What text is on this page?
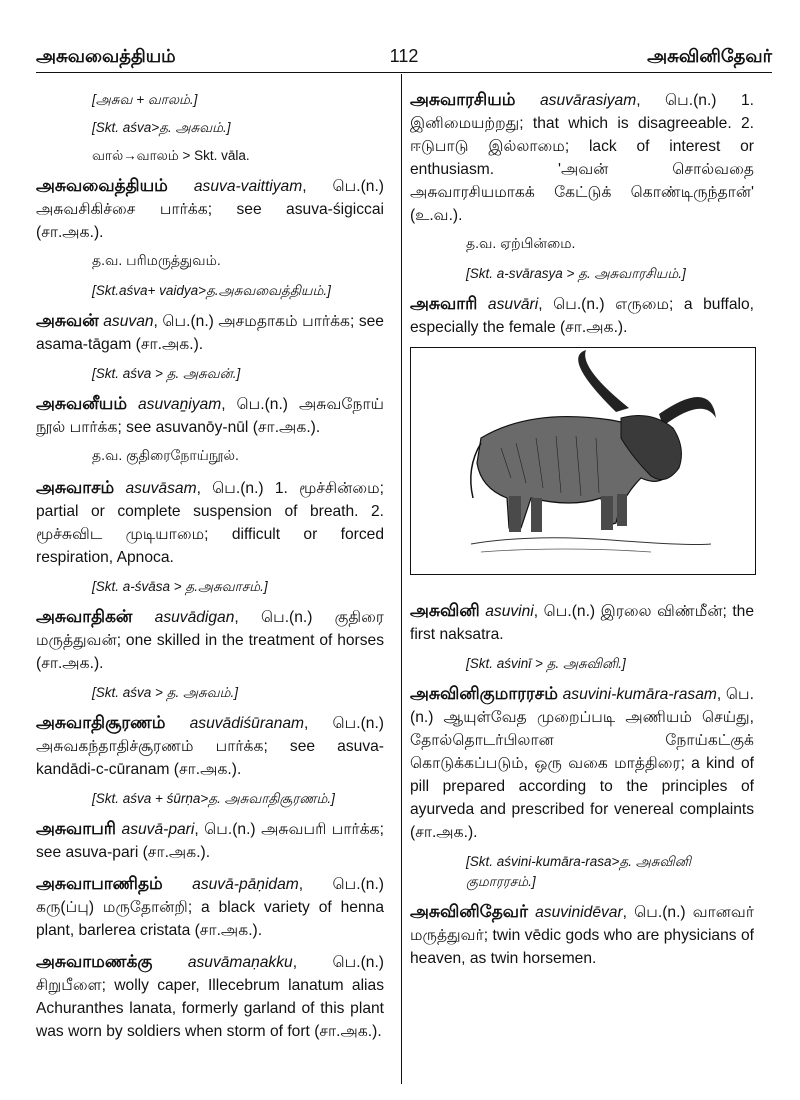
அசுவவைத்தியம்	112	அசுவினிதேவர்
[அசுவ + வாலம்.]
[Skt. aśva>த. அசுவம்.]
வால்→வாலம் > Skt. vāla.
அசுவவைத்தியம் asuva-vaittiyam, பெ.(n.) அசுவசிகிச்சை பார்க்க; see asuva-śigiccai (சா.அக.).
த.வ. பரிமருத்துவம்.
[Skt.aśva+ vaidya>த.அசுவவைத்தியம்.]
அசுவன் asuvan, பெ.(n.) அசமதாகம் பார்க்க; see asama-tāgam (சா.அக.).
[Skt. aśva > த. அசுவன்.]
அசுவனீயம் asuvaṉiyam, பெ.(n.) அசுவநோய் நூல் பார்க்க; see asuvanōy-nūl (சா.அக.).
த.வ. குதிரைநோய்நூல்.
அசுவாசம் asuvāsam, பெ.(n.) 1. மூச்சின்மை; partial or complete suspension of breath. 2. மூச்சுவிட முடியாமை; difficult or forced respiration, Apnoca.
[Skt. a-śvāsa > த.அசுவாசம்.]
அசுவாதிகன் asuvādigan, பெ.(n.) குதிரை மருத்துவன்; one skilled in the treatment of horses (சா.அக.).
[Skt. aśva > த. அசுவம்.]
அசுவாதிசூரணம் asuvādiśūranam, பெ.(n.) அசுவகந்தாதிச்சூரணம் பார்க்க; see asuva-kandādi-c-cūranam (சா.அக.).
[Skt. aśva + śūrṇa>த. அசுவாதிசூரணம்.]
அசுவாபரி asuvā-pari, பெ.(n.) அசுவபரி பார்க்க; see asuva-pari (சா.அக.).
அசுவாபாணிதம் asuvā-pāṇidam, பெ.(n.) கரு(ப்பு) மருதோன்றி; a black variety of henna plant, barlerea cristata (சா.அக.).
அசுவாமணக்கு asuvāmaṇakku, பெ.(n.) சிறுபீளை; wolly caper, Illecebrum lanatum alias Achuranthes lanata, formerly garland of this plant was worn by soldiers when storm of fort (சா.அக.).
அசுவாரசியம் asuvārasiyam, பெ.(n.) 1. இனிமையற்றது; that which is disagreeable. 2. ஈடுபாடு இல்லாமை; lack of interest or enthusiasm. 'அவன் சொல்வதை அசுவாரசியமாகக் கேட்டுக் கொண்டிருந்தான்' (உ.வ.).
த.வ. ஏற்பின்மை.
[Skt. a-svārasya > த. அசுவாரசியம்.]
அசுவாரி asuvāri, பெ.(n.) எருமை; a buffalo, especially the female (சா.அக.).
அசுவினி asuvini, பெ.(n.) இரலை விண்மீன்; the first naksatra.
[Skt. aśvinī > த. அசுவினி.]
அசுவினிகுமாரரசம் asuvini-kumāra-rasam, பெ.(n.) ஆயுள்வேத முறைப்படி அணியம் செய்து, தோல்தொடர்பிலான நோய்கட்குக் கொடுக்கப்படும், ஒரு வகை மாத்திரை; a kind of pill prepared according to the principles of ayurveda and prescribed for venereal complaints (சா.அக.).
[Skt. aśvini-kumāra-rasa>த. அசுவினி குமாரரசம்.]
அசுவினிதேவர் asuvinidēvar, பெ.(n.) வானவர் மருத்துவர்; twin vēdic gods who are physicians of heaven, as twin horsemen.
